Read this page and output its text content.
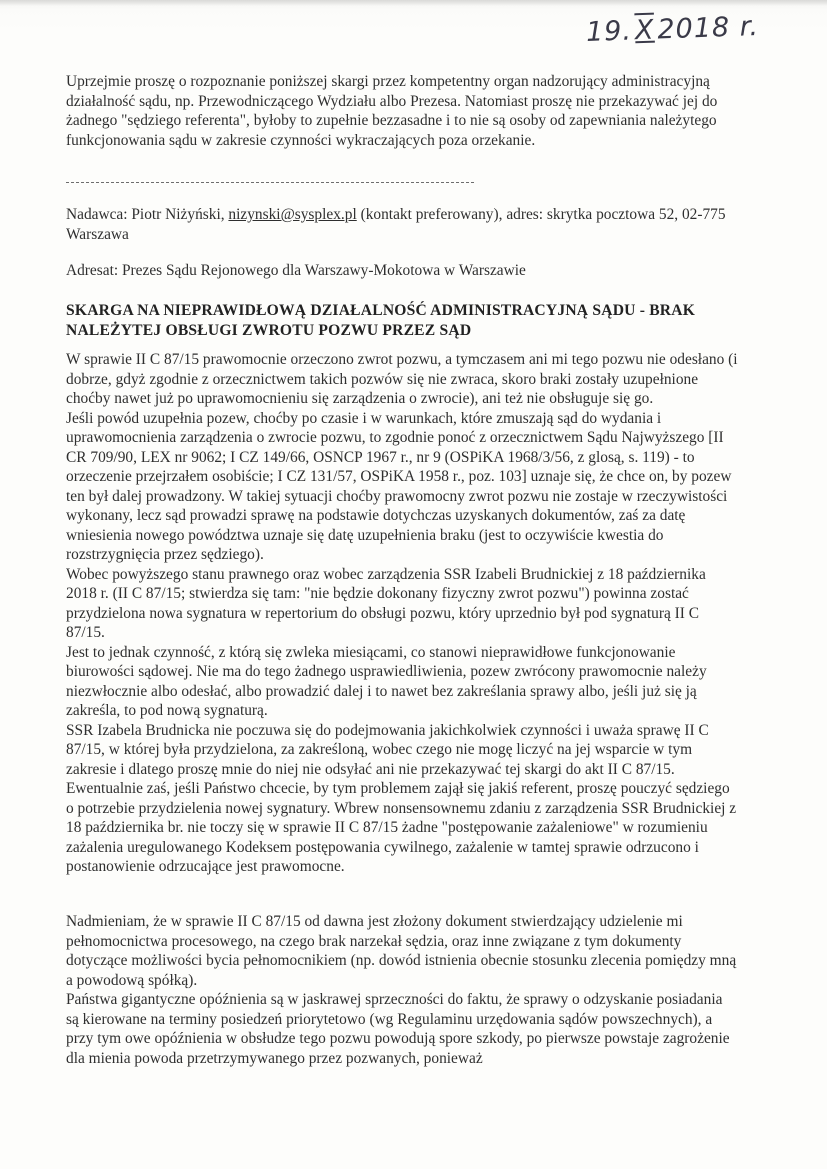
19.X2018 r.

Uprzejmie proszę o rozpoznanie poniższej skargi przez kompetentny organ nadzorujący administracyjną działalność sądu, np. Przewodniczącego Wydziału albo Prezesa. Natomiast proszę nie przekazywać jej do żadnego "sędziego referenta", byłoby to zupełnie bezzasadne i to nie są osoby od zapewniania należytego funkcjonowania sądu w zakresie czynności wykraczających poza orzekanie.

Nadawca: Piotr Niżyński, nizynski@sysplex.pl (kontakt preferowany), adres: skrytka pocztowa 52, 02-775 Warszawa
Adresat: Prezes Sądu Rejonowego dla Warszawy-Mokotowa w Warszawie
SKARGA NA NIEPRAWIDŁOWĄ DZIAŁALNOŚĆ ADMINISTRACYJNĄ SĄDU - BRAK NALEŻYTEJ OBSŁUGI ZWROTU POZWU PRZEZ SĄD

W sprawie II C 87/15 prawomocnie orzeczono zwrot pozwu, a tymczasem ani mi tego pozwu nie odesłano (i dobrze, gdyż zgodnie z orzecznictwem takich pozwów się nie zwraca, skoro braki zostały uzupełnione choćby nawet już po uprawomocnieniu się zarządzenia o zwrocie), ani też nie obsługuje się go.

Jeśli powód uzupełnia pozew, choćby po czasie i w warunkach, które zmuszają sąd do wydania i uprawomocnienia zarządzenia o zwrocie pozwu, to zgodnie ponoć z orzecznictwem Sądu Najwyższego [II CR 709/90, LEX nr 9062; I CZ 149/66, OSNCP 1967 r., nr 9 (OSPiKA 1968/3/56, z glosą, s. 119) - to orzeczenie przejrzałem osobiście; I CZ 131/57, OSPiKA 1958 r., poz. 103] uznaje się, że chce on, by pozew ten był dalej prowadzony. W takiej sytuacji choćby prawomocny zwrot pozwu nie zostaje w rzeczywistości wykonany, lecz sąd prowadzi sprawę na podstawie dotychczas uzyskanych dokumentów, zaś za datę wniesienia nowego powództwa uznaje się datę uzupełnienia braku (jest to oczywiście kwestia do rozstrzygnięcia przez sędziego).

Wobec powyższego stanu prawnego oraz wobec zarządzenia SSR Izabeli Brudnickiej z 18 października 2018 r. (II C 87/15; stwierdza się tam: "nie będzie dokonany fizyczny zwrot pozwu") powinna zostać przydzielona nowa sygnatura w repertorium do obsługi pozwu, który uprzednio był pod sygnaturą II C 87/15.

Jest to jednak czynność, z którą się zwleka miesiącami, co stanowi nieprawidłowe funkcjonowanie biurowości sądowej. Nie ma do tego żadnego usprawiedliwienia, pozew zwrócony prawomocnie należy niezwłocznie albo odesłać, albo prowadzić dalej i to nawet bez zakreślania sprawy albo, jeśli już się ją zakreśla, to pod nową sygnaturą.

SSR Izabela Brudnicka nie poczuwa się do podejmowania jakichkolwiek czynności i uważa sprawę II C 87/15, w której była przydzielona, za zakreśloną, wobec czego nie mogę liczyć na jej wsparcie w tym zakresie i dlatego proszę mnie do niej nie odsyłać ani nie przekazywać tej skargi do akt II C 87/15. Ewentualnie zaś, jeśli Państwo chcecie, by tym problemem zajął się jakiś referent, proszę pouczyć sędziego o potrzebie przydzielenia nowej sygnatury. Wbrew nonsensownemu zdaniu z zarządzenia SSR Brudnickiej z 18 października br. nie toczy się w sprawie II C 87/15 żadne "postępowanie zażaleniowe" w rozumieniu zażalenia uregulowanego Kodeksem postępowania cywilnego, zażalenie w tamtej sprawie odrzucono i postanowienie odrzucające jest prawomocne.

Nadmieniam, że w sprawie II C 87/15 od dawna jest złożony dokument stwierdzający udzielenie mi pełnomocnictwa procesowego, na czego brak narzekał sędzia, oraz inne związane z tym dokumenty dotyczące możliwości bycia pełnomocnikiem (np. dowód istnienia obecnie stosunku zlecenia pomiędzy mną a powodową spółką).

Państwa gigantyczne opóźnienia są w jaskrawej sprzeczności do faktu, że sprawy o odzyskanie posiadania są kierowane na terminy posiedzeń priorytetowo (wg Regulaminu urzędowania sądów powszechnych), a przy tym owe opóźnienia w obsłudze tego pozwu powodują spore szkody, po pierwsze powstaje zagrożenie dla mienia powoda przetrzymywanego przez pozwanych, ponieważ
